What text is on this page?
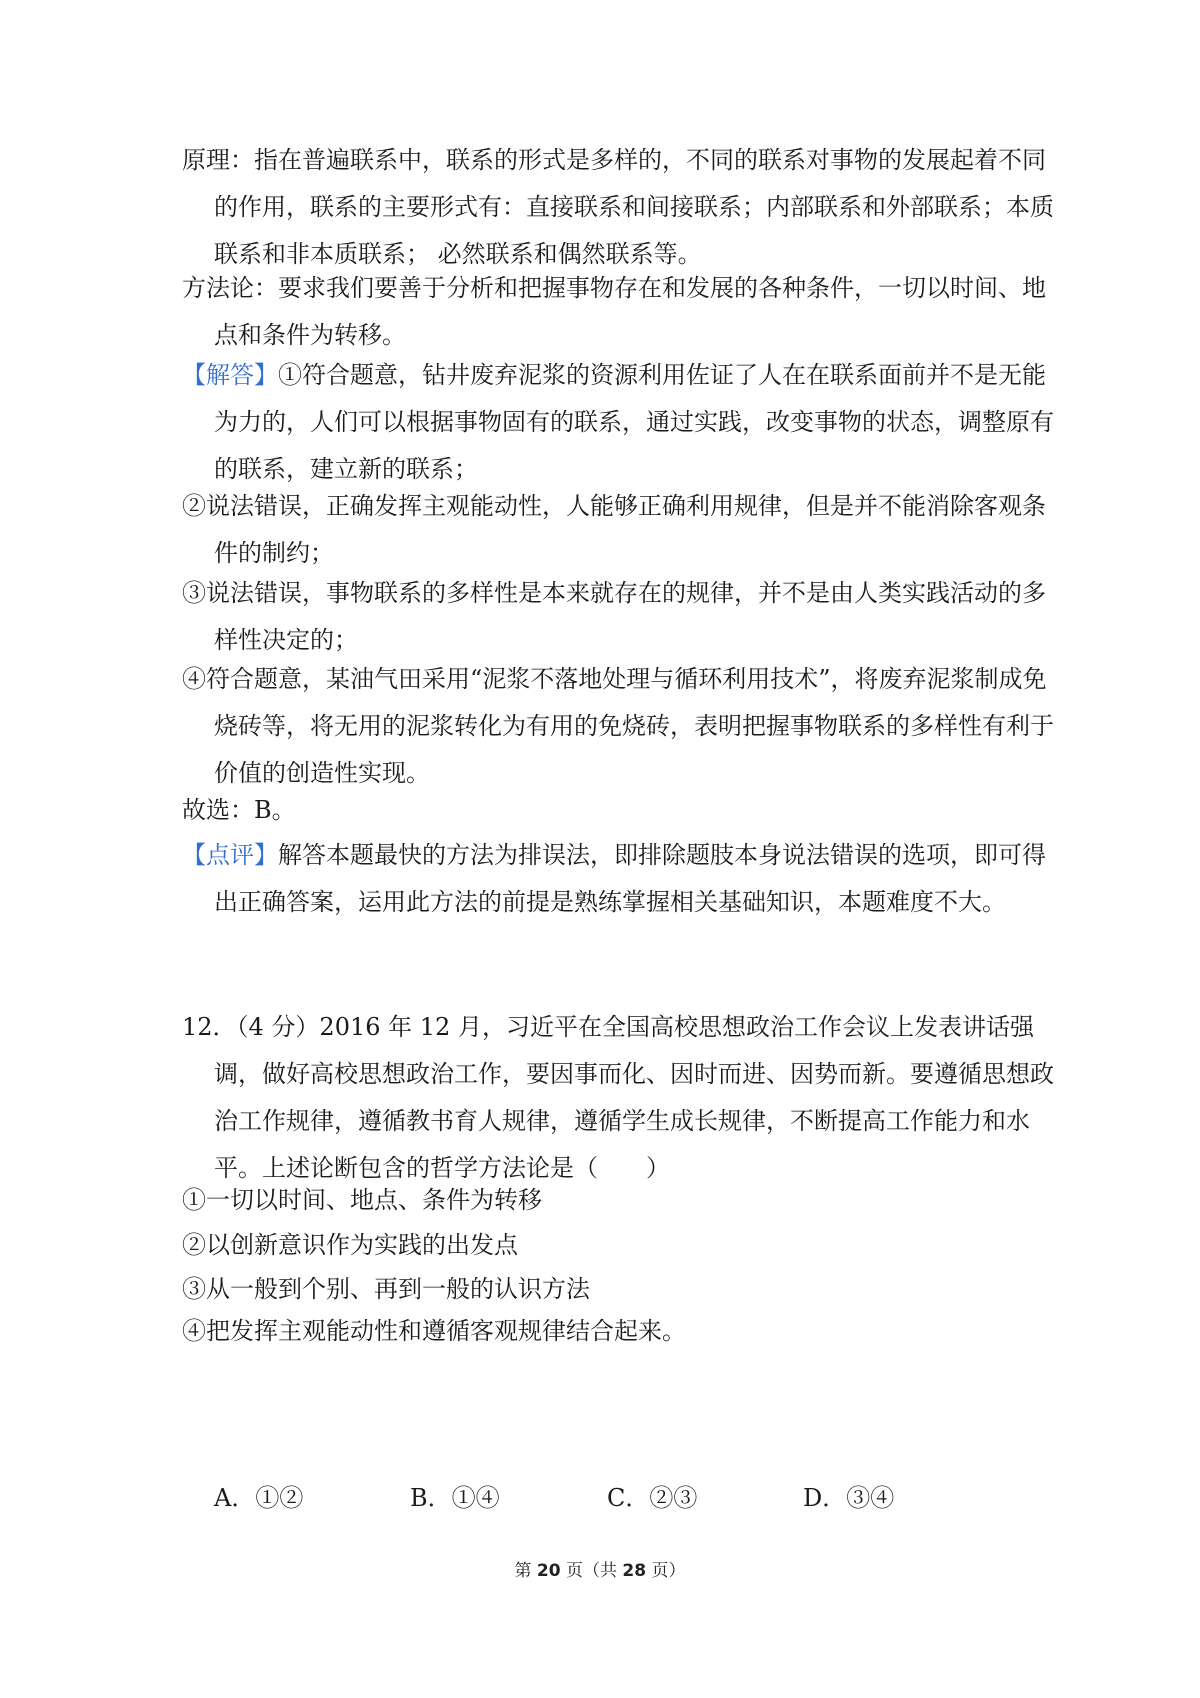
原理：指在普遍联系中，联系的形式是多样的，不同的联系对事物的发展起着不同的作用，联系的主要形式有：直接联系和间接联系；内部联系和外部联系；本质联系和非本质联系； 必然联系和偶然联系等。

方法论：要求我们要善于分析和把握事物存在和发展的各种条件，一切以时间、地点和条件为转移。

【解答】①符合题意，钻井废弃泥浆的资源利用佐证了人在在联系面前并不是无能为力的，人们可以根据事物固有的联系，通过实践，改变事物的状态，调整原有的联系，建立新的联系；

②说法错误，正确发挥主观能动性，人能够正确利用规律，但是并不能消除客观条件的制约；

③说法错误，事物联系的多样性是本来就存在的规律，并不是由人类实践活动的多样性决定的；

④符合题意，某油气田采用“泥浆不落地处理与循环利用技术”，将废弃泥浆制成免烧砖等，将无用的泥浆转化为有用的免烧砖，表明把握事物联系的多样性有利于价值的创造性实现。

故选：B。

【点评】解答本题最快的方法为排误法，即排除题肢本身说法错误的选项，即可得出正确答案，运用此方法的前提是熟练掌握相关基础知识，本题难度不大。

12．（4 分）2016 年 12 月，习近平在全国高校思想政治工作会议上发表讲话强调，做好高校思想政治工作，要因事而化、因时而进、因势而新。要遵循思想政治工作规律，遵循教书育人规律，遵循学生成长规律，不断提高工作能力和水平。上述论断包含的哲学方法论是（　　）

①一切以时间、地点、条件为转移

②以创新意识作为实践的出发点

③从一般到个别、再到一般的认识方法

④把发挥主观能动性和遵循客观规律结合起来。

A．①②	B．①④	C．②③	D．③④
第 20 页（共 28 页）
